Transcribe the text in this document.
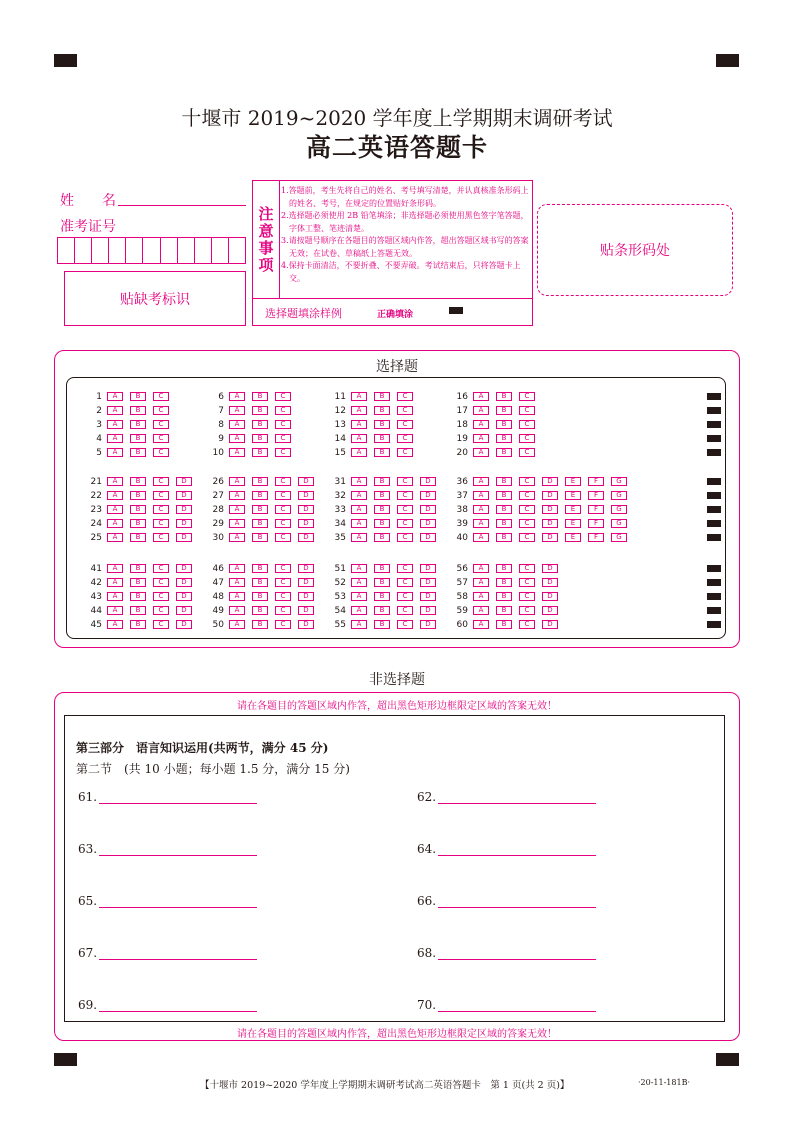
十堰市 2019~2020 学年度上学期期末调研考试
高二英语答题卡
姓　　名
准考证号
贴缺考标识
注
意
事
项
1.答题前，考生先将自己的姓名、考号填写清楚，并认真核准条形码上的姓名、考号，在规定的位置贴好条形码。
2.选择题必须使用 2B 铅笔填涂；非选择题必须使用黑色签字笔答题，字体工整、笔迹清楚。
3.请按题号顺序在各题目的答题区域内作答，超出答题区域书写的答案无效；在试卷、草稿纸上答题无效。
4.保持卡面清洁，不要折叠、不要弄破。考试结束后，只将答题卡上交。
选择题填涂样例	正确填涂
贴条形码处
选择题
1	A	B	C
2	A	B	C
3	A	B	C
4	A	B	C
5	A	B	C
6	A	B	C
7	A	B	C
8	A	B	C
9	A	B	C
10	A	B	C
11	A	B	C
12	A	B	C
13	A	B	C
14	A	B	C
15	A	B	C
16	A	B	C
17	A	B	C
18	A	B	C
19	A	B	C
20	A	B	C
21	A	B	C	D
22	A	B	C	D
23	A	B	C	D
24	A	B	C	D
25	A	B	C	D
26	A	B	C	D
27	A	B	C	D
28	A	B	C	D
29	A	B	C	D
30	A	B	C	D
31	A	B	C	D
32	A	B	C	D
33	A	B	C	D
34	A	B	C	D
35	A	B	C	D
36	A	B	C	D	E	F	G
37	A	B	C	D	E	F	G
38	A	B	C	D	E	F	G
39	A	B	C	D	E	F	G
40	A	B	C	D	E	F	G
41	A	B	C	D
42	A	B	C	D
43	A	B	C	D
44	A	B	C	D
45	A	B	C	D
46	A	B	C	D
47	A	B	C	D
48	A	B	C	D
49	A	B	C	D
50	A	B	C	D
51	A	B	C	D
52	A	B	C	D
53	A	B	C	D
54	A	B	C	D
55	A	B	C	D
56	A	B	C	D
57	A	B	C	D
58	A	B	C	D
59	A	B	C	D
60	A	B	C	D
非选择题
请在各题目的答题区域内作答，超出黑色矩形边框限定区域的答案无效！
第三部分　语言知识运用(共两节，满分 45 分)
第二节　(共 10 小题；每小题 1.5 分，满分 15 分)
61.	62.
63.	64.
65.	66.
67.	68.
69.	70.
请在各题目的答题区域内作答，超出黑色矩形边框限定区域的答案无效！
【十堰市 2019~2020 学年度上学期期末调研考试高二英语答题卡　第 1 页(共 2 页)】	·20-11-181B·
